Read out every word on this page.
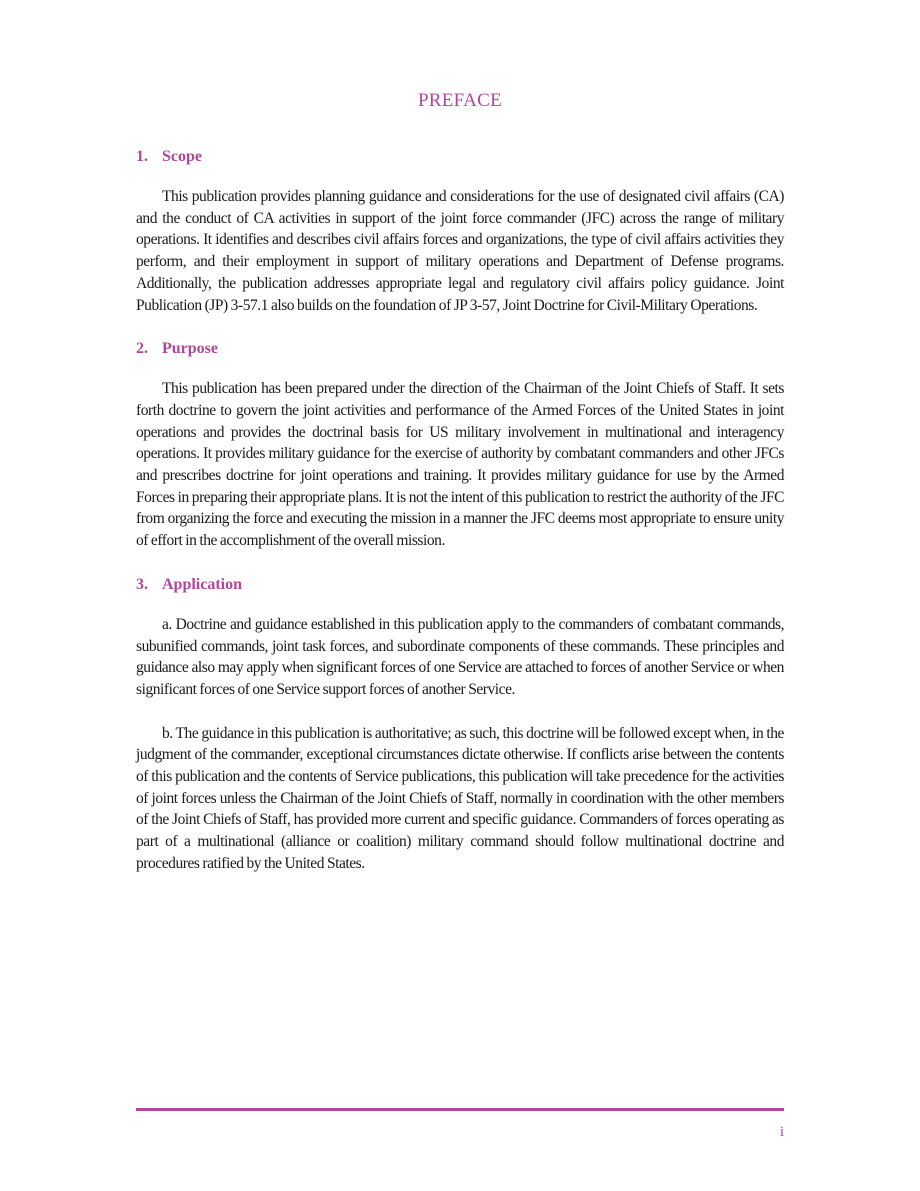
PREFACE
1. Scope

This publication provides planning guidance and considerations for the use of designated civil affairs (CA) and the conduct of CA activities in support of the joint force commander (JFC) across the range of military operations. It identifies and describes civil affairs forces and organizations, the type of civil affairs activities they perform, and their employment in support of military operations and Department of Defense programs. Additionally, the publication addresses appropriate legal and regulatory civil affairs policy guidance. Joint Publication (JP) 3-57.1 also builds on the foundation of JP 3-57, Joint Doctrine for Civil-Military Operations.

2. Purpose

This publication has been prepared under the direction of the Chairman of the Joint Chiefs of Staff. It sets forth doctrine to govern the joint activities and performance of the Armed Forces of the United States in joint operations and provides the doctrinal basis for US military involvement in multinational and interagency operations. It provides military guidance for the exercise of authority by combatant commanders and other JFCs and prescribes doctrine for joint operations and training. It provides military guidance for use by the Armed Forces in preparing their appropriate plans. It is not the intent of this publication to restrict the authority of the JFC from organizing the force and executing the mission in a manner the JFC deems most appropriate to ensure unity of effort in the accomplishment of the overall mission.

3. Application

a. Doctrine and guidance established in this publication apply to the commanders of combatant commands, subunified commands, joint task forces, and subordinate components of these commands. These principles and guidance also may apply when significant forces of one Service are attached to forces of another Service or when significant forces of one Service support forces of another Service.

b. The guidance in this publication is authoritative; as such, this doctrine will be followed except when, in the judgment of the commander, exceptional circumstances dictate otherwise. If conflicts arise between the contents of this publication and the contents of Service publications, this publication will take precedence for the activities of joint forces unless the Chairman of the Joint Chiefs of Staff, normally in coordination with the other members of the Joint Chiefs of Staff, has provided more current and specific guidance. Commanders of forces operating as part of a multinational (alliance or coalition) military command should follow multinational doctrine and procedures ratified by the United States.

i
